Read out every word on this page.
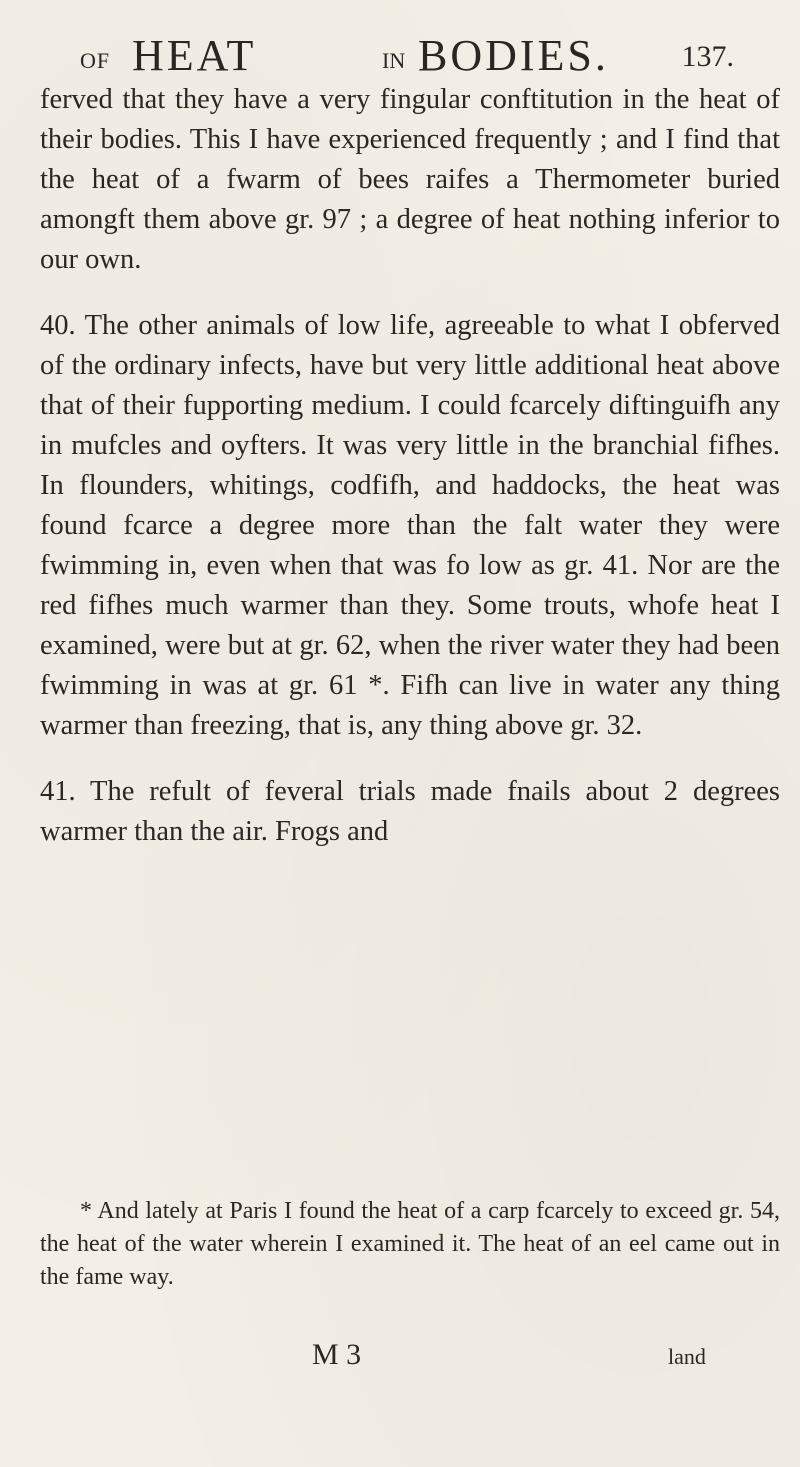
OF HEAT	IN BODIES. 137.

ferved that they have a very fingular conftitution in the heat of their bodies. This I have experienced frequently ; and I find that the heat of a fwarm of bees raifes a Thermometer buried amongft them above gr. 97 ; a degree of heat nothing inferior to our own.

40. The other animals of low life, agreeable to what I obferved of the ordinary infects, have but very little additional heat above that of their fupporting medium. I could fcarcely diftinguifh any in mufcles and oyfters. It was very little in the branchial fifhes. In flounders, whitings, codfifh, and haddocks, the heat was found fcarce a degree more than the falt water they were fwimming in, even when that was fo low as gr. 41. Nor are the red fifhes much warmer than they. Some trouts, whofe heat I examined, were but at gr. 62, when the river water they had been fwimming in was at gr. 61 *. Fifh can live in water any thing warmer than freezing, that is, any thing above gr. 32.

41. The refult of feveral trials made fnails about 2 degrees warmer than the air. Frogs and

* And lately at Paris I found the heat of a carp fcarcely to exceed gr. 54, the heat of the water wherein I examined it. The heat of an eel came out in the fame way.
M 3	land
